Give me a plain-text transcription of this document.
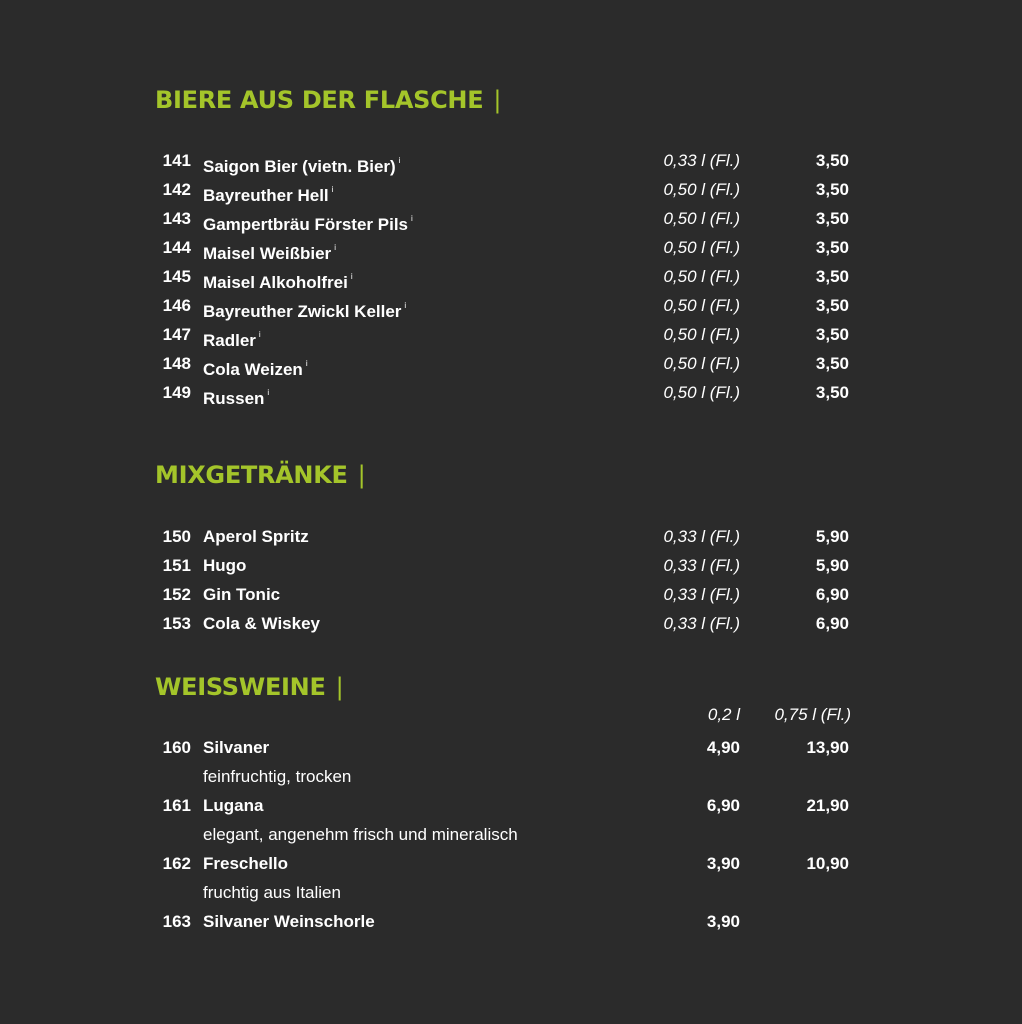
BIERE AUS DER FLASCHE |
141 Saigon Bier (vietn. Bier) $^i$	0,33 l (Fl.)	3,50
142 Bayreuther Hell $^i$	0,50 l (Fl.)	3,50
143 Gampertbräu Förster Pils $^i$	0,50 l (Fl.)	3,50
144 Maisel Weißbier $^i$	0,50 l (Fl.)	3,50
145 Maisel Alkoholfrei $^i$	0,50 l (Fl.)	3,50
146 Bayreuther Zwickl Keller $^i$	0,50 l (Fl.)	3,50
147 Radler $^i$	0,50 l (Fl.)	3,50
148 Cola Weizen $^i$	0,50 l (Fl.)	3,50
149 Russen $^i$	0,50 l (Fl.)	3,50
MIXGETRÄNKE |
150 Aperol Spritz	0,33 l (Fl.)	5,90
151 Hugo	0,33 l (Fl.)	5,90
152 Gin Tonic	0,33 l (Fl.)	6,90
153 Cola & Wiskey	0,33 l (Fl.)	6,90
WEISSWEINE |
0,2 l 0,75 l (Fl.)
160 Silvaner	4,90	13,90

feinfruchtig, trocken

161 Lugana	6,90	21,90

elegant, angenehm frisch und mineralisch

162 Freschello	3,90	10,90

fruchtig aus Italien

163 Silvaner Weinschorle	3,90
